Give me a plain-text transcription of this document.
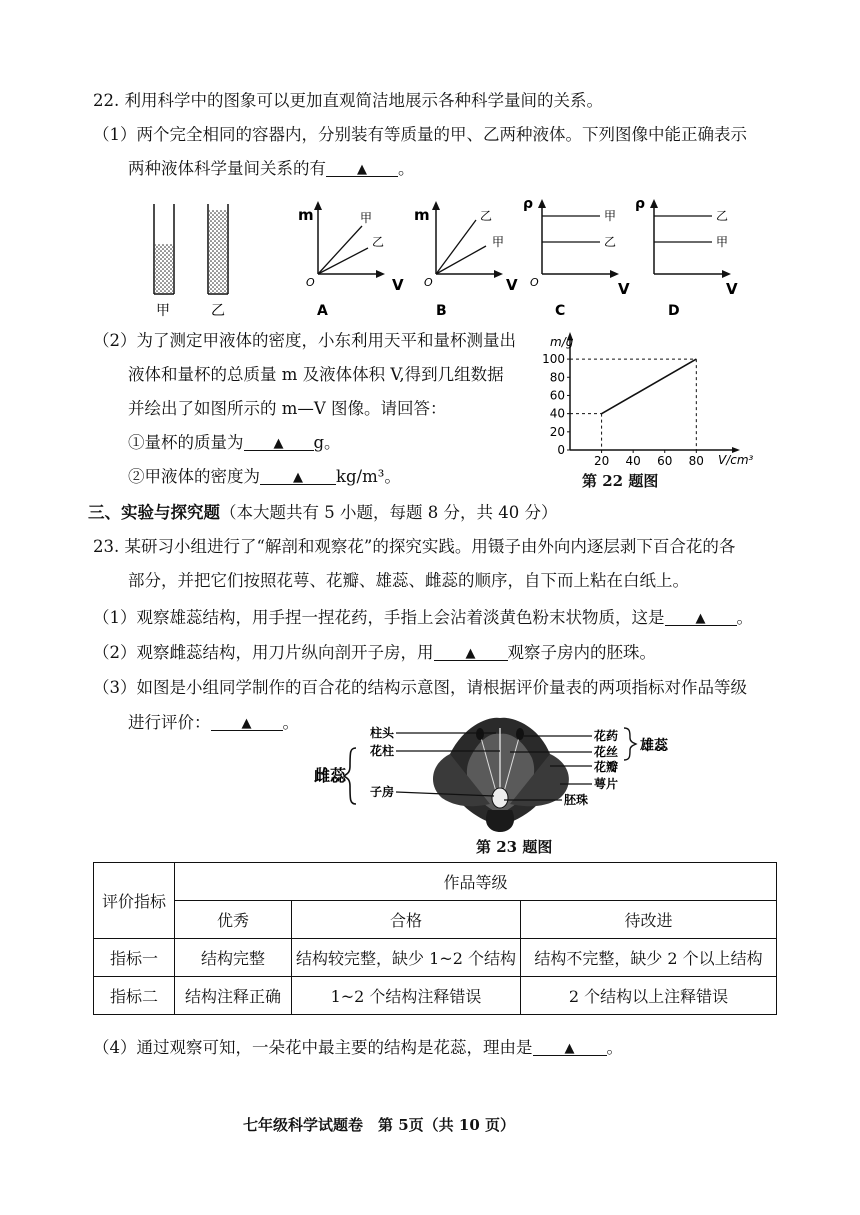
22. 利用科学中的图象可以更加直观简洁地展示各种科学量间的关系。
（1）两个完全相同的容器内，分别装有等质量的甲、乙两种液体。下列图像中能正确表示
两种液体科学量间关系的有 ▲ 。
甲	乙
m
V
O
甲
乙
A
m
V
O
乙
甲
B
ρ
V
O
甲
乙
C
ρ
V
乙
甲
D
（2）为了测定甲液体的密度，小东利用天平和量杯测量出
液体和量杯的总质量 m 及液体体积 V,得到几组数据
并绘出了如图所示的 m—V 图像。请回答：
①量杯的质量为 ▲ g。
②甲液体的密度为	▲ kg/m³。
0
20
40
60
80
100
20 40 60 80
m/g
V/cm³
第 22 题图
三、实验与探究题（本大题共有 5 小题，每题 8 分，共 40 分）
23. 某研习小组进行了“解剖和观察花”的探究实践。用镊子由外向内逐层剥下百合花的各
部分，并把它们按照花萼、花瓣、雄蕊、雌蕊的顺序，自下而上粘在白纸上。
（1）观察雄蕊结构，用手捏一捏花药，手指上会沾着淡黄色粉末状物质，这是 ▲ 。
（2）观察雌蕊结构，用刀片纵向剖开子房，用 ▲ 观察子房内的胚珠。
（3）如图是小组同学制作的百合花的结构示意图，请根据评价量表的两项指标对作品等级
进行评价： ▲ 。
雌蕊
柱头
花柱
子房
花药
花丝
花瓣
萼片
胚珠
雄蕊
第 23 题图
评价指标	作品等级		
	优秀	合格	待改进
指标一	结构完整	结构较完整，缺少 1~2 个结构	结构不完整，缺少 2 个以上结构
指标二	结构注释正确	1~2 个结构注释错误	2 个结构以上注释错误
（4）通过观察可知，一朵花中最主要的结构是花蕊，理由是 ▲ 。
七年级科学试题卷　第 5页（共 10 页）
